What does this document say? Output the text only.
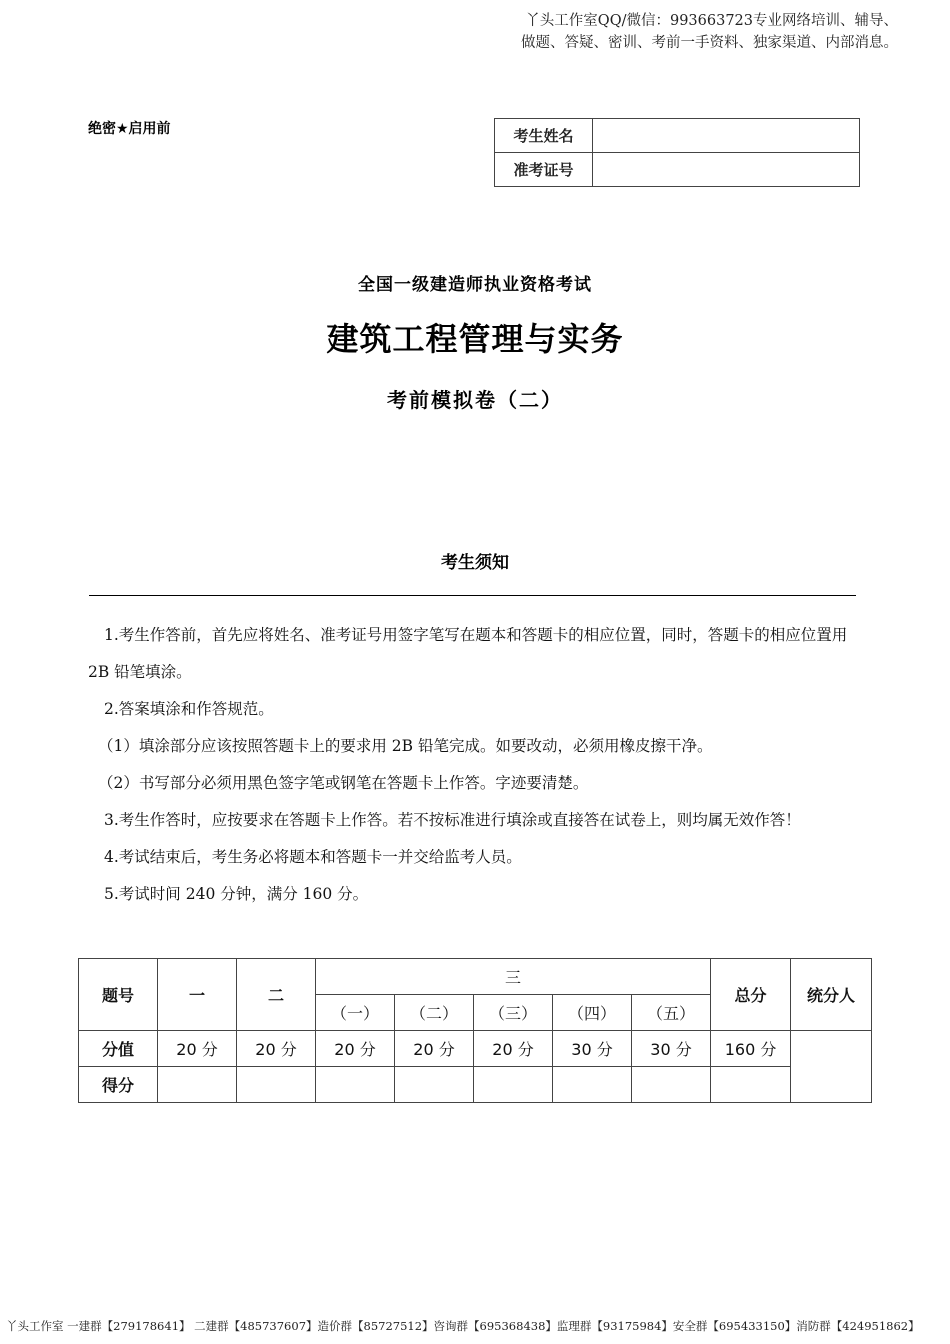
丫头工作室QQ/微信：993663723专业网络培训、辅导、
做题、答疑、密训、考前一手资料、独家渠道、内部消息。
绝密★启用前	考生姓名	
准考证号	
全国一级建造师执业资格考试
建筑工程管理与实务
考前模拟卷（二）
考生须知

1.考生作答前，首先应将姓名、准考证号用签字笔写在题本和答题卡的相应位置，同时，答题卡的相应位置用 2B 铅笔填涂。

2.答案填涂和作答规范。

（1）填涂部分应该按照答题卡上的要求用 2B 铅笔完成。如要改动，必须用橡皮擦干净。

（2）书写部分必须用黑色签字笔或钢笔在答题卡上作答。字迹要清楚。

3.考生作答时，应按要求在答题卡上作答。若不按标准进行填涂或直接答在试卷上，则均属无效作答！

4.考试结束后，考生务必将题本和答题卡一并交给监考人员。

5.考试时间 240 分钟，满分 160 分。

题号	一	二	三					总分	统分人
			（一）	（二）	（三）	（四）	（五）		
分值	20 分	20 分	20 分	20 分	20 分	30 分	30 分	160 分	
得分									
丫头工作室 一建群【279178641】 二建群【485737607】造价群【85727512】咨询群【695368438】监理群【93175984】安全群【695433150】消防群【424951862】
